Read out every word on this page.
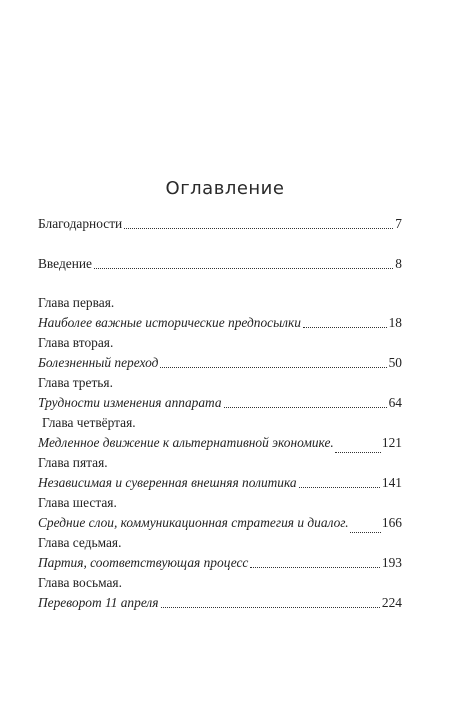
Оглавление
Благодарности	7
Введение	8
Глава первая.
Наиболее важные исторические предпосылки	18
Глава вторая.
Болезненный переход	50
Глава третья.
Трудности изменения аппарата	64
Глава четвёртая.
Медленное движение к альтернативной экономике.	121
Глава пятая.
Независимая и суверенная внешняя политика	141
Глава шестая.
Средние слои, коммуникационная стратегия и диалог. 166
Глава седьмая.
Партия, соответствующая процесс	193
Глава восьмая.
Переворот 11 апреля	224
